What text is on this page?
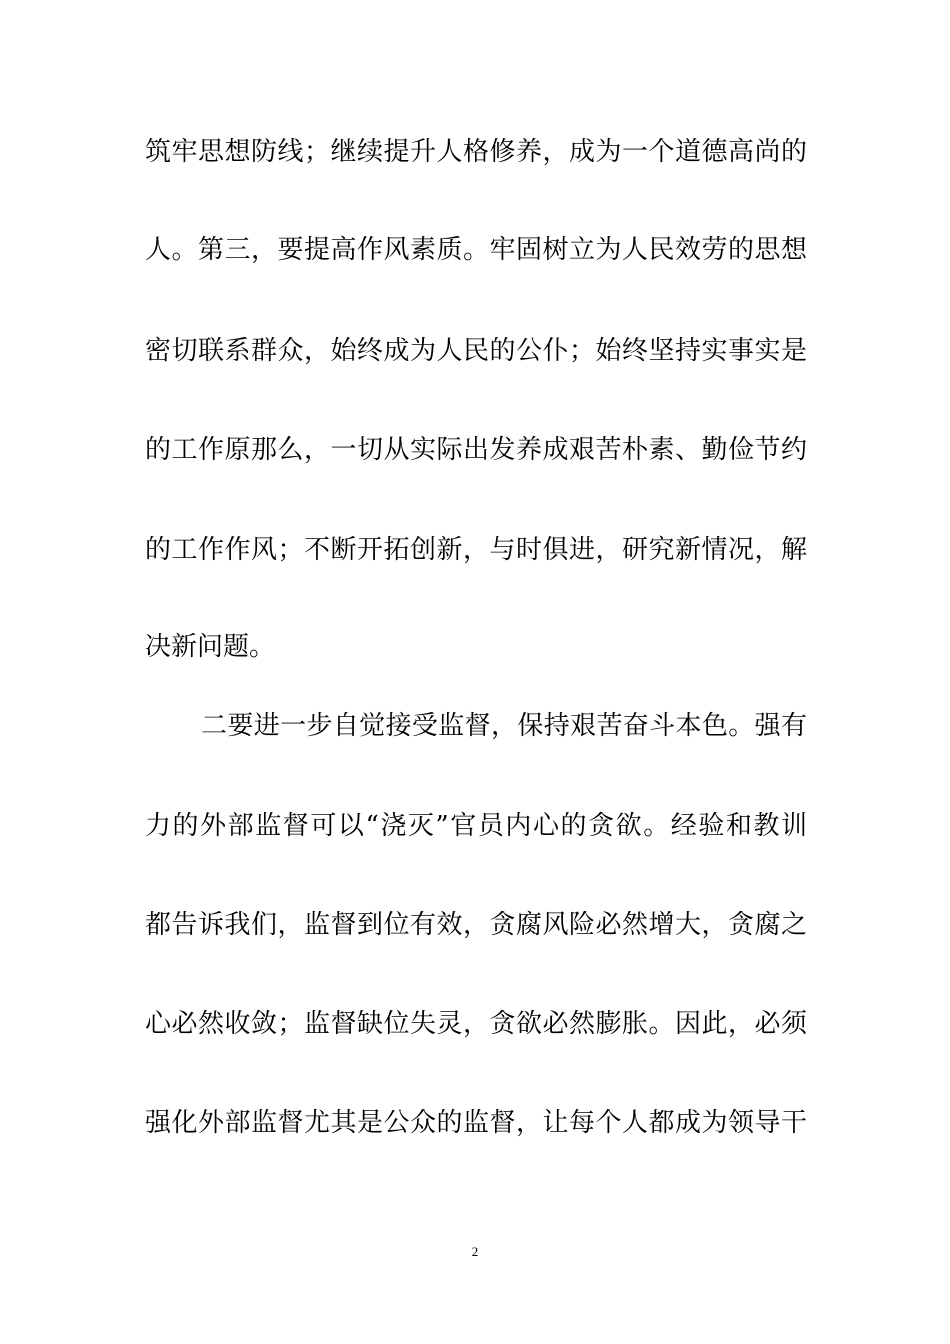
筑牢思想防线；继续提升人格修养，成为一个道德高尚的
人。第三，要提高作风素质。牢固树立为人民效劳的思想
密切联系群众，始终成为人民的公仆；始终坚持实事实是
的工作原那么，一切从实际出发养成艰苦朴素、勤俭节约
的工作作风；不断开拓创新，与时俱进，研究新情况，解
决新问题。
二要进一步自觉接受监督，保持艰苦奋斗本色。强有
力的外部监督可以“浇灭”官员内心的贪欲。经验和教训
都告诉我们，监督到位有效，贪腐风险必然增大，贪腐之
心必然收敛；监督缺位失灵，贪欲必然膨胀。因此，必须
强化外部监督尤其是公众的监督，让每个人都成为领导干
2
